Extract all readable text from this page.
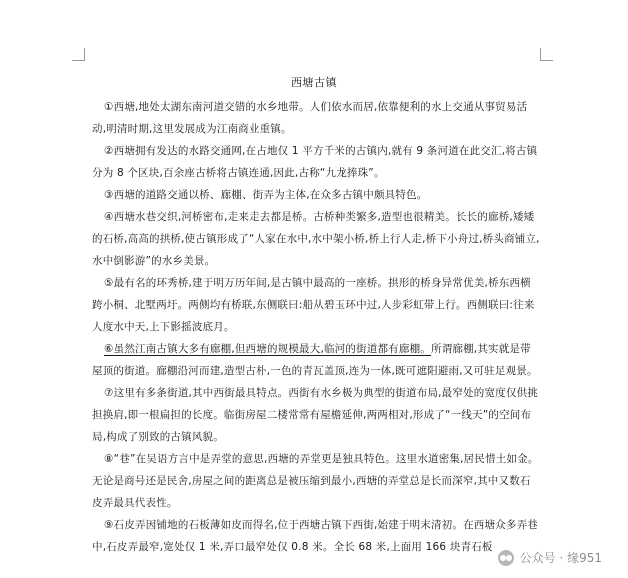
西塘古镇

①西塘,地处太湖东南河道交错的水乡地带。人们依水而居,依靠便利的水上交通从事贸易活动,明清时期,这里发展成为江南商业重镇。

②西塘拥有发达的水路交通网,在占地仅 1 平方千米的古镇内,就有 9 条河道在此交汇,将古镇分为 8 个区块,百余座古桥将古镇连通,因此,古称“九龙捧珠”。

③西塘的道路交通以桥、廊棚、街弄为主体,在众多古镇中颇具特色。

④西塘水巷交织,河桥密布,走来走去都是桥。古桥种类繁多,造型也很精美。长长的廊桥,矮矮的石桥,高高的拱桥,使古镇形成了“人家在水中,水中架小桥,桥上行人走,桥下小舟过,桥头商铺立,水中倒影游”的水乡美景。

⑤最有名的环秀桥,建于明万历年间,是古镇中最高的一座桥。拱形的桥身异常优美,桥东西横跨小桐、北墅两圩。两侧均有桥联,东侧联曰:船从碧玉环中过,人步彩虹带上行。西侧联曰:往来人度水中天,上下影摇波底月。

⑥虽然江南古镇大多有廊棚,但西塘的规模最大,临河的街道都有廊棚。所谓廊棚,其实就是带屋顶的街道。廊棚沿河而建,造型古朴,一色的青瓦盖顶,连为一体,既可遮阳避雨,又可驻足观景。

⑦这里有多条街道,其中西街最具特点。西街有水乡极为典型的街道布局,最窄处的宽度仅供挑担换肩,即一根扁担的长度。临街房屋二楼常常有屋檐延伸,两两相对,形成了“一线天”的空间布局,构成了别致的古镇风貌。

⑧“巷”在吴语方言中是弄堂的意思,西塘的弄堂更是独具特色。这里水道密集,居民惜土如金。无论是商号还是民舍,房屋之间的距离总是被压缩到最小,西塘的弄堂总是长而深窄,其中又数石皮弄最具代表性。

⑨石皮弄因铺地的石板薄如皮而得名,位于西塘古镇下西街,始建于明末清初。在西塘众多弄巷中,石皮弄最窄,宽处仅 1 米,弄口最窄处仅 0.8 米。全长 68 米,上面用 166 块青石板

公众号 · 缘951
